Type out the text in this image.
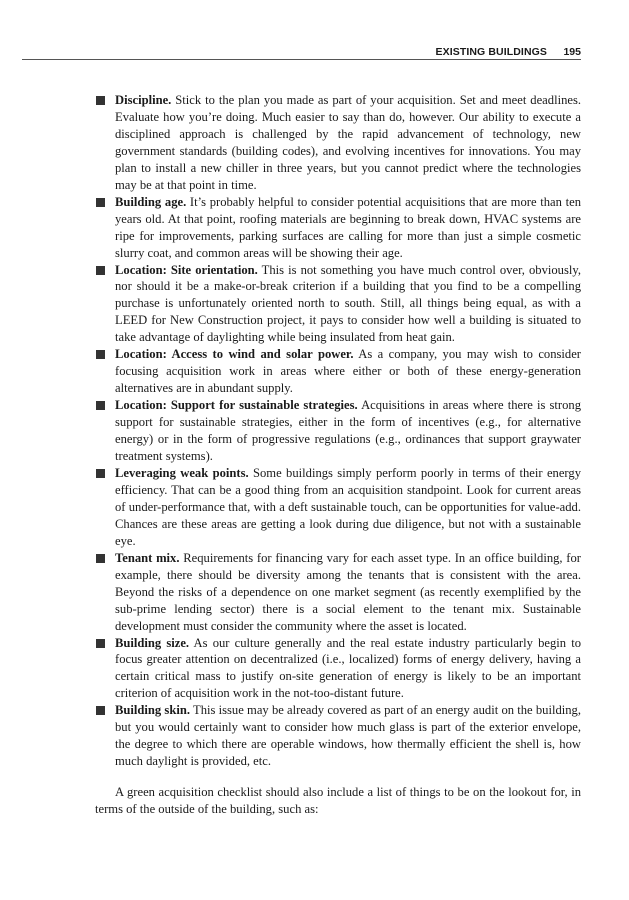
EXISTING BUILDINGS 195
Discipline. Stick to the plan you made as part of your acquisition. Set and meet deadlines. Evaluate how you’re doing. Much easier to say than do, however. Our ability to execute a disciplined approach is challenged by the rapid advancement of technology, new government standards (building codes), and evolving incentives for innovations. You may plan to install a new chiller in three years, but you cannot predict where the technologies may be at that point in time.
Building age. It’s probably helpful to consider potential acquisitions that are more than ten years old. At that point, roofing materials are beginning to break down, HVAC systems are ripe for improvements, parking surfaces are calling for more than just a simple cosmetic slurry coat, and common areas will be showing their age.
Location: Site orientation. This is not something you have much control over, obviously, nor should it be a make-or-break criterion if a building that you find to be a compelling purchase is unfortunately oriented north to south. Still, all things being equal, as with a LEED for New Construction project, it pays to consider how well a building is situated to take advantage of daylighting while being insulated from heat gain.
Location: Access to wind and solar power. As a company, you may wish to consider focusing acquisition work in areas where either or both of these energy-generation alternatives are in abundant supply.
Location: Support for sustainable strategies. Acquisitions in areas where there is strong support for sustainable strategies, either in the form of incentives (e.g., for alternative energy) or in the form of progressive regulations (e.g., ordinances that support graywater treatment systems).
Leveraging weak points. Some buildings simply perform poorly in terms of their energy efficiency. That can be a good thing from an acquisition standpoint. Look for current areas of under-performance that, with a deft sustainable touch, can be opportunities for value-add. Chances are these areas are getting a look during due diligence, but not with a sustainable eye.
Tenant mix. Requirements for financing vary for each asset type. In an office building, for example, there should be diversity among the tenants that is consistent with the area. Beyond the risks of a dependence on one market segment (as recently exemplified by the sub-prime lending sector) there is a social element to the tenant mix. Sustainable development must consider the community where the asset is located.
Building size. As our culture generally and the real estate industry particularly begin to focus greater attention on decentralized (i.e., localized) forms of energy delivery, having a certain critical mass to justify on-site generation of energy is likely to be an important criterion of acquisition work in the not-too-distant future.
Building skin. This issue may be already covered as part of an energy audit on the building, but you would certainly want to consider how much glass is part of the exterior envelope, the degree to which there are operable windows, how thermally efficient the shell is, how much daylight is provided, etc.

A green acquisition checklist should also include a list of things to be on the lookout for, in terms of the outside of the building, such as:
